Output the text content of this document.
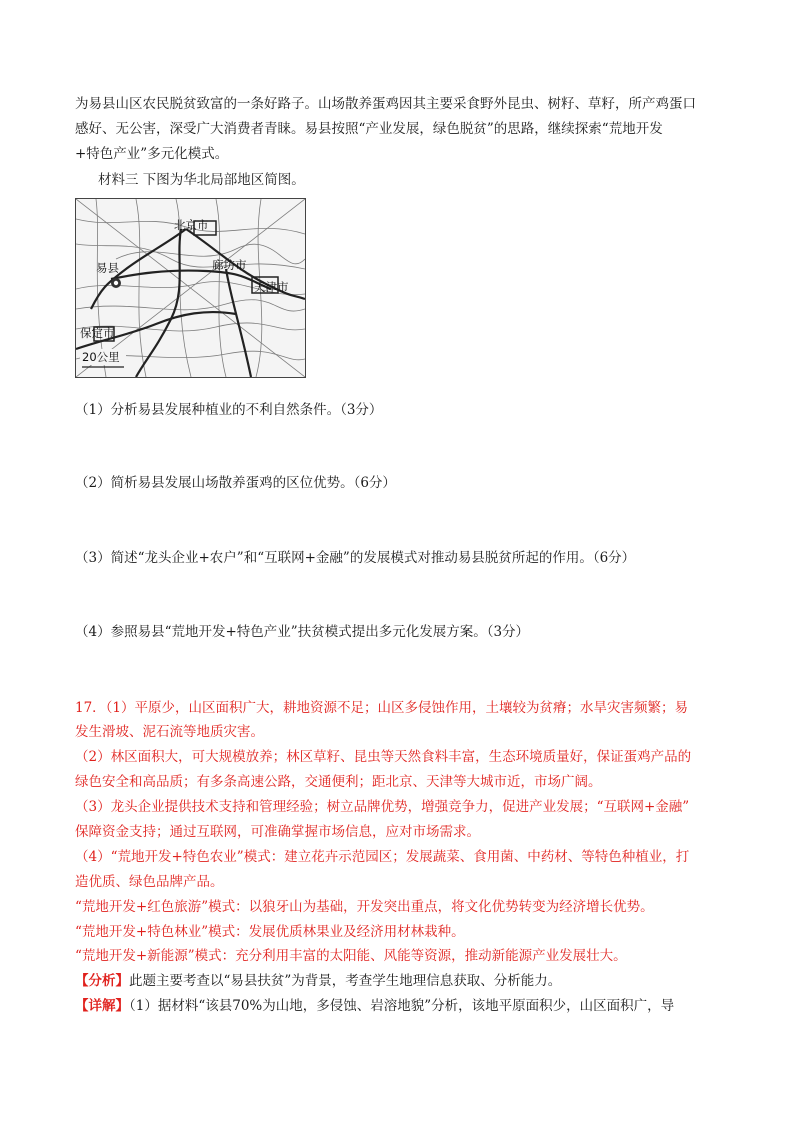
为易县山区农民脱贫致富的一条好路子。山场散养蛋鸡因其主要采食野外昆虫、树籽、草籽，所产鸡蛋口
感好、无公害，深受广大消费者青睐。易县按照“产业发展，绿色脱贫”的思路，继续探索“荒地开发
+特色产业”多元化模式。
材料三 下图为华北局部地区简图。
北京市
易县	廊坊市
天津市
保定市
20公里
（1）分析易县发展种植业的不利自然条件。（3分）
（2）简析易县发展山场散养蛋鸡的区位优势。（6分）
（3）简述“龙头企业+农户”和“互联网+金融”的发展模式对推动易县脱贫所起的作用。（6分）
（4）参照易县“荒地开发+特色产业”扶贫模式提出多元化发展方案。（3分）
17．（1）平原少，山区面积广大，耕地资源不足；山区多侵蚀作用，土壤较为贫瘠；水旱灾害频繁；易
发生滑坡、泥石流等地质灾害。
（2）林区面积大，可大规模放养；林区草籽、昆虫等天然食料丰富，生态环境质量好，保证蛋鸡产品的
绿色安全和高品质；有多条高速公路，交通便利；距北京、天津等大城市近，市场广阔。
（3）龙头企业提供技术支持和管理经验；树立品牌优势，增强竞争力，促进产业发展；“互联网+金融”
保障资金支持；通过互联网，可准确掌握市场信息，应对市场需求。
（4）“荒地开发+特色农业”模式：建立花卉示范园区；发展蔬菜、食用菌、中药材、等特色种植业，打
造优质、绿色品牌产品。
“荒地开发+红色旅游”模式：以狼牙山为基础，开发突出重点，将文化优势转变为经济增长优势。
“荒地开发+特色林业”模式：发展优质林果业及经济用材林栽种。
“荒地开发+新能源”模式：充分利用丰富的太阳能、风能等资源，推动新能源产业发展壮大。
【分析】此题主要考查以“易县扶贫”为背景，考查学生地理信息获取、分析能力。
【详解】（1）据材料“该县70%为山地，多侵蚀、岩溶地貌”分析，该地平原面积少，山区面积广，导
